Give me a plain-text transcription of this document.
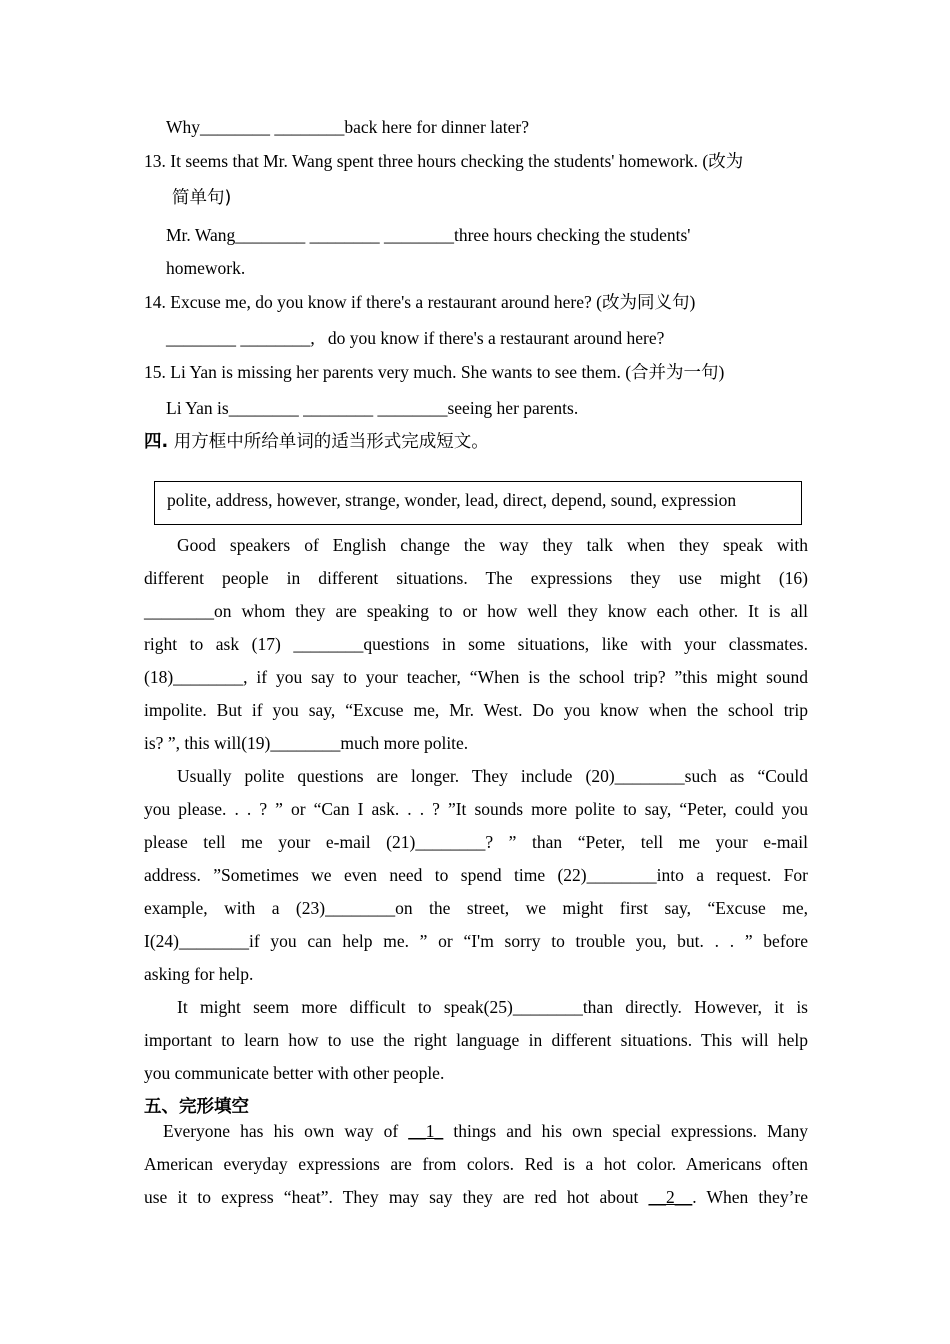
Why________ ________back here for dinner later?
13. It seems that Mr. Wang spent three hours checking the students' homework. (改为
简单句)
Mr. Wang________ ________ ________three hours checking the students'
homework.
14. Excuse me, do you know if there's a restaurant around here? (改为同义句)
________ ________,   do you know if there's a restaurant around here?
15. Li Yan is missing her parents very much. She wants to see them. (合并为一句)
Li Yan is________ ________ ________seeing her parents.
四. 用方框中所给单词的适当形式完成短文。
polite, address, however, strange, wonder, lead, direct, depend, sound, expression
Good speakers of English change the way they talk when they speak with
different people in different situations. The expressions they use might (16)
________on whom they are speaking to or how well they know each other. It is all
right to ask (17) ________questions in some situations, like with your classmates.
(18)________, if you say to your teacher, “When is the school trip? ”this might sound
impolite. But if you say, “Excuse me, Mr. West. Do you know when the school trip
is? ”, this will(19)________much more polite.
Usually polite questions are longer. They include (20)________such as “Could
you please. . . ? ” or “Can I ask. . . ? ”It sounds more polite to say, “Peter, could you
please tell me your e-mail (21)________? ” than “Peter, tell me your e-mail
address. ”Sometimes we even need to spend time (22)________into a request. For
example, with a (23)________on the street, we might first say, “Excuse me,
I(24)________if you can help me. ” or “I'm sorry to trouble you, but. . . ” before
asking for help.
It might seem more difficult to speak(25)________than directly. However, it is
important to learn how to use the right language in different situations. This will help
you communicate better with other people.
五、完形填空
Everyone has his own way of __1_ things and his own special expressions. Many
American everyday expressions are from colors. Red is a hot color. Americans often
use it to express “heat”. They may say they are red hot about __2__. When they’re
